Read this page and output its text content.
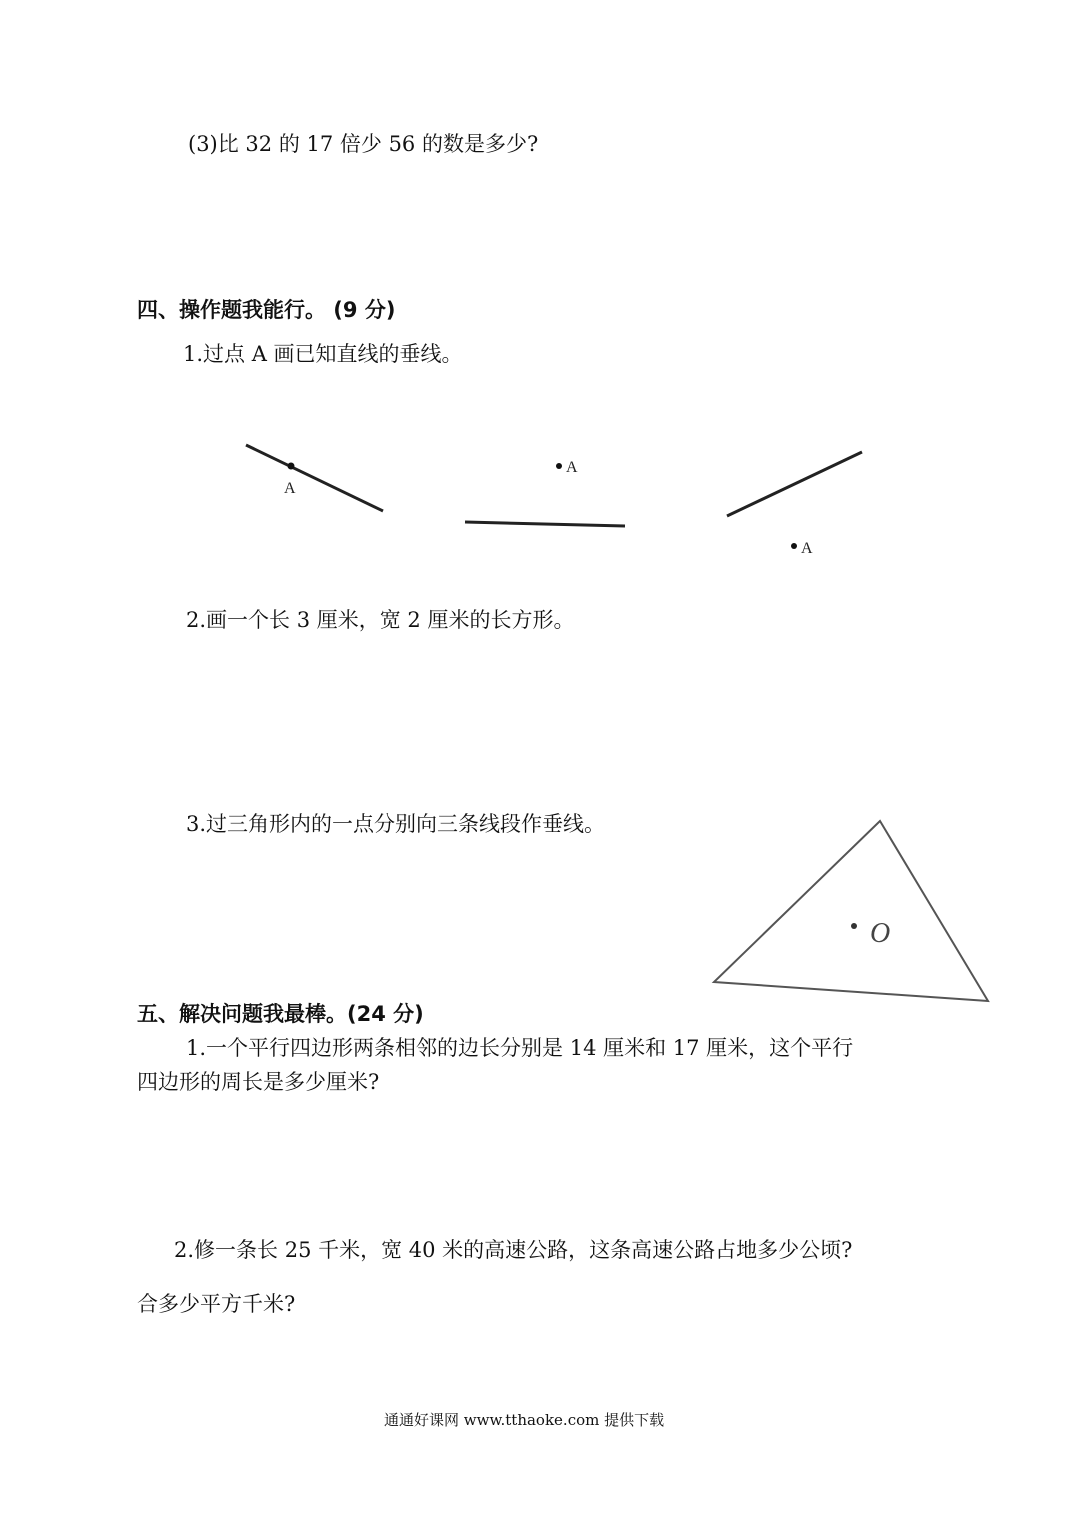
(3)比 32 的 17 倍少 56 的数是多少?
四、操作题我能行。 (9 分)
1.过点 A 画已知直线的垂线。
A
A
A
O
2.画一个长 3 厘米，宽 2 厘米的长方形。
3.过三角形内的一点分别向三条线段作垂线。
五、解决问题我最棒。(24 分)
1.一个平行四边形两条相邻的边长分别是 14 厘米和 17 厘米，这个平行
四边形的周长是多少厘米?
2.修一条长 25 千米，宽 40 米的高速公路，这条高速公路占地多少公顷?
合多少平方千米?
通通好课网 www.tthaoke.com 提供下载
